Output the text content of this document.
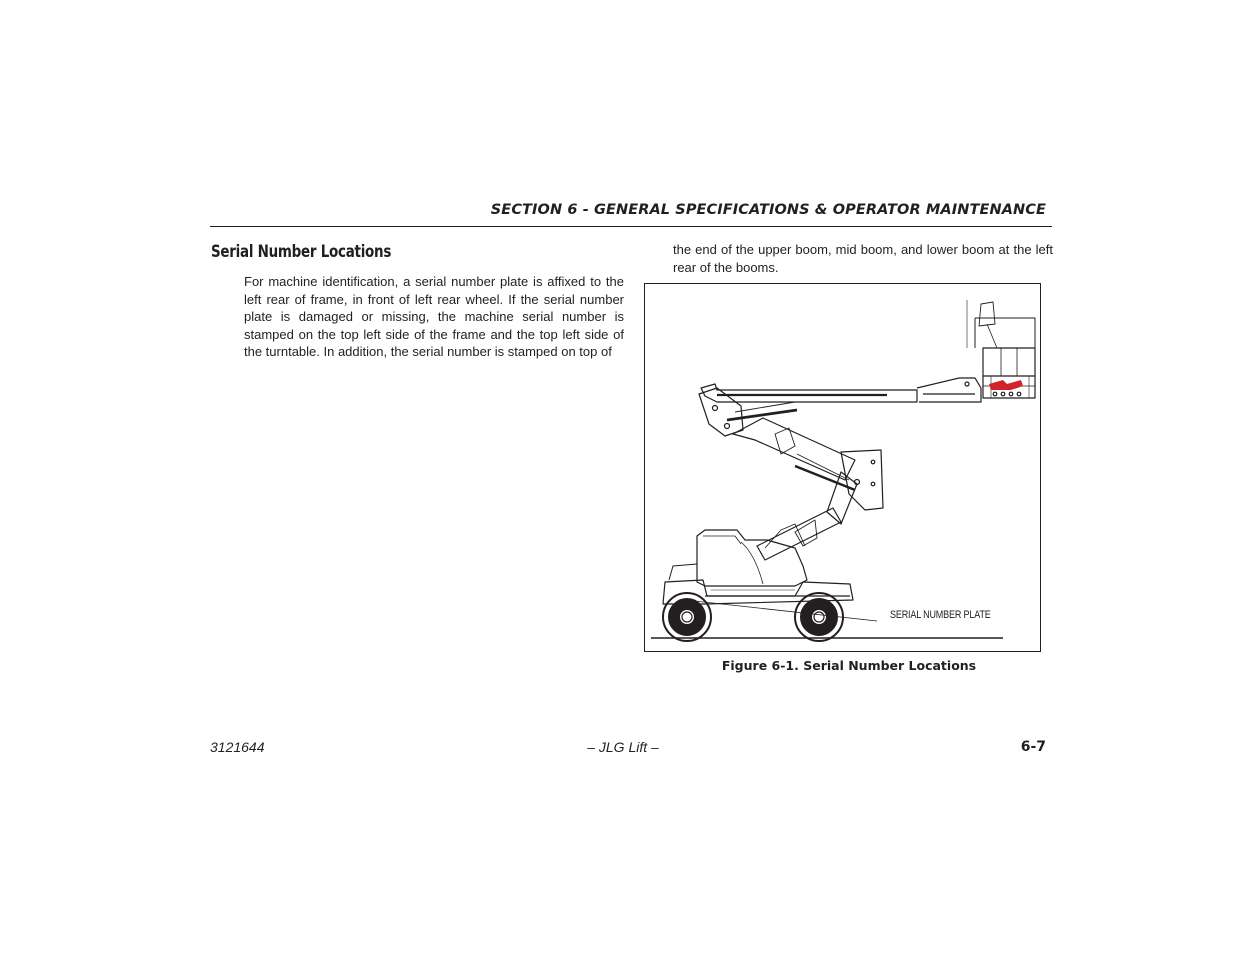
SECTION 6 - GENERAL SPECIFICATIONS & OPERATOR MAINTENANCE
Serial Number Locations
For machine identification, a serial number plate is affixed to the left rear of frame, in front of left rear wheel. If the serial number plate is damaged or missing, the machine serial number is stamped on the top left side of the frame and the top left side of the turntable. In addition, the serial number is stamped on top of
the end of the upper boom, mid boom, and lower boom at the left rear of the booms.
SERIAL NUMBER PLATE
Figure 6-1. Serial Number Locations
3121644	– JLG Lift –	6-7
